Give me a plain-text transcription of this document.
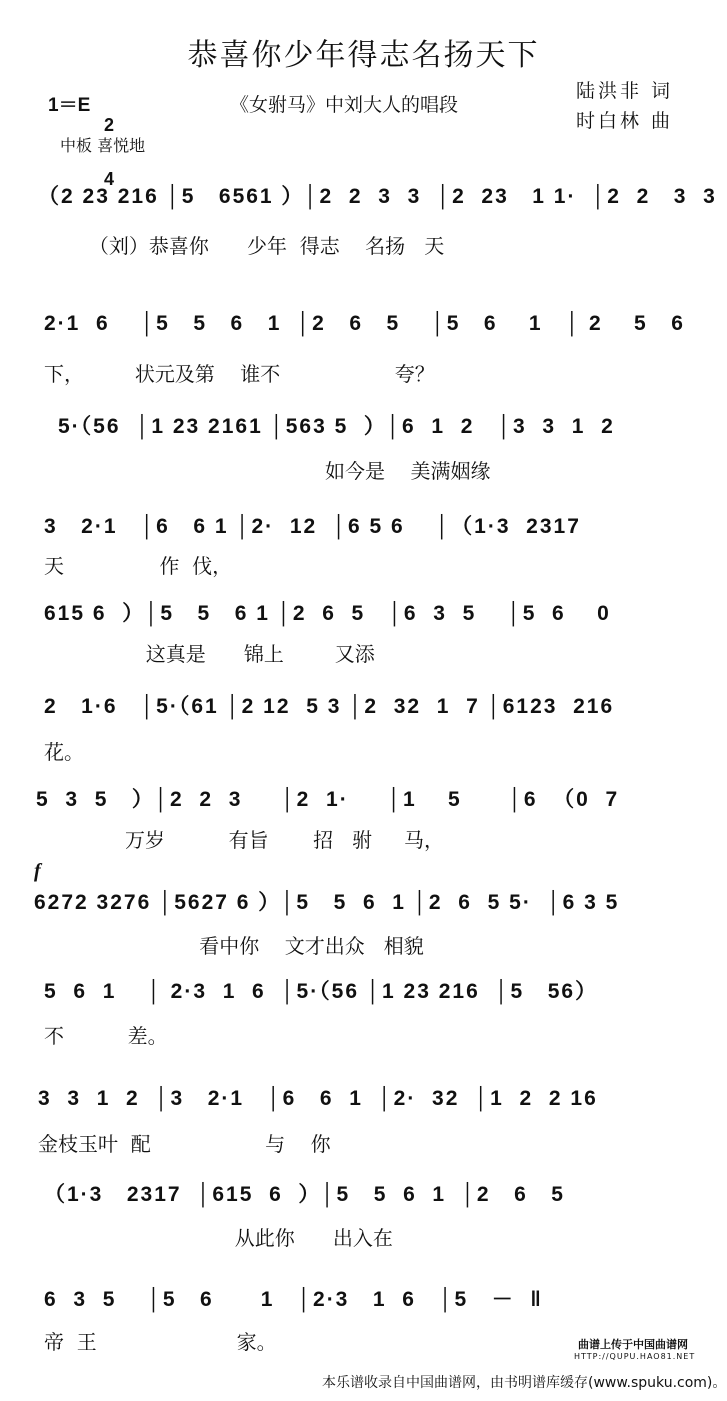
恭喜你少年得志名扬天下
1＝E

2

4

《女驸马》中刘大人的唱段
陆洪非 词
时白林 曲
中板 喜悦地
f
（2 23 216 │5   6561 ）│2  2  3  3  │2  23   1 1·  │2  2   3  3
（刘）恭喜你      少年  得志    名扬   天
2·1  6    │5   5   6   1  │2   6   5    │5   6    1   │ 2    5   6
下，        状元及第    谁不                  夸？
5·（56  │1 23 2161 │563 5  ）│6  1  2   │3  3  1  2
如今是    美满姻缘
3   2·1   │6   6 1 │2·  12  │6 5 6    │（1·3  2317
天               作  伐，
615 6  ）│5   5   6 1 │2  6  5   │6  3  5    │5  6    0
这真是      锦上        又添
2   1·6   │5·（61 │2 12  5 3 │2  32  1  7 │6123  216
花。
5  3  5   ）│2  2  3     │2  1·     │1    5      │6  （0  7
万岁          有旨       招   驸     马，
6272 3276 │5627 6 ）│5   5  6  1 │2  6  5 5·  │6 3 5
看中你    文才出众   相貌
5  6  1    │ 2·3  1  6  │5·（56 │1 23 216  │5   56）
不          差。
3  3  1  2  │3   2·1   │6   6  1  │2·  32  │1  2  2 16
金枝玉叶  配                  与    你
（1·3   2317  │615  6  ）│5   5  6  1  │2   6   5
从此你      出入在
6  3  5    │5   6      1   │2·3   1  6   │5   －  ‖
帝  王                      家。	曲谱上传于中国曲谱网
HTTP://QUPU.HAO81.NET
本乐谱收录自中国曲谱网，由书明谱库缓存(www.spuku.com)。
